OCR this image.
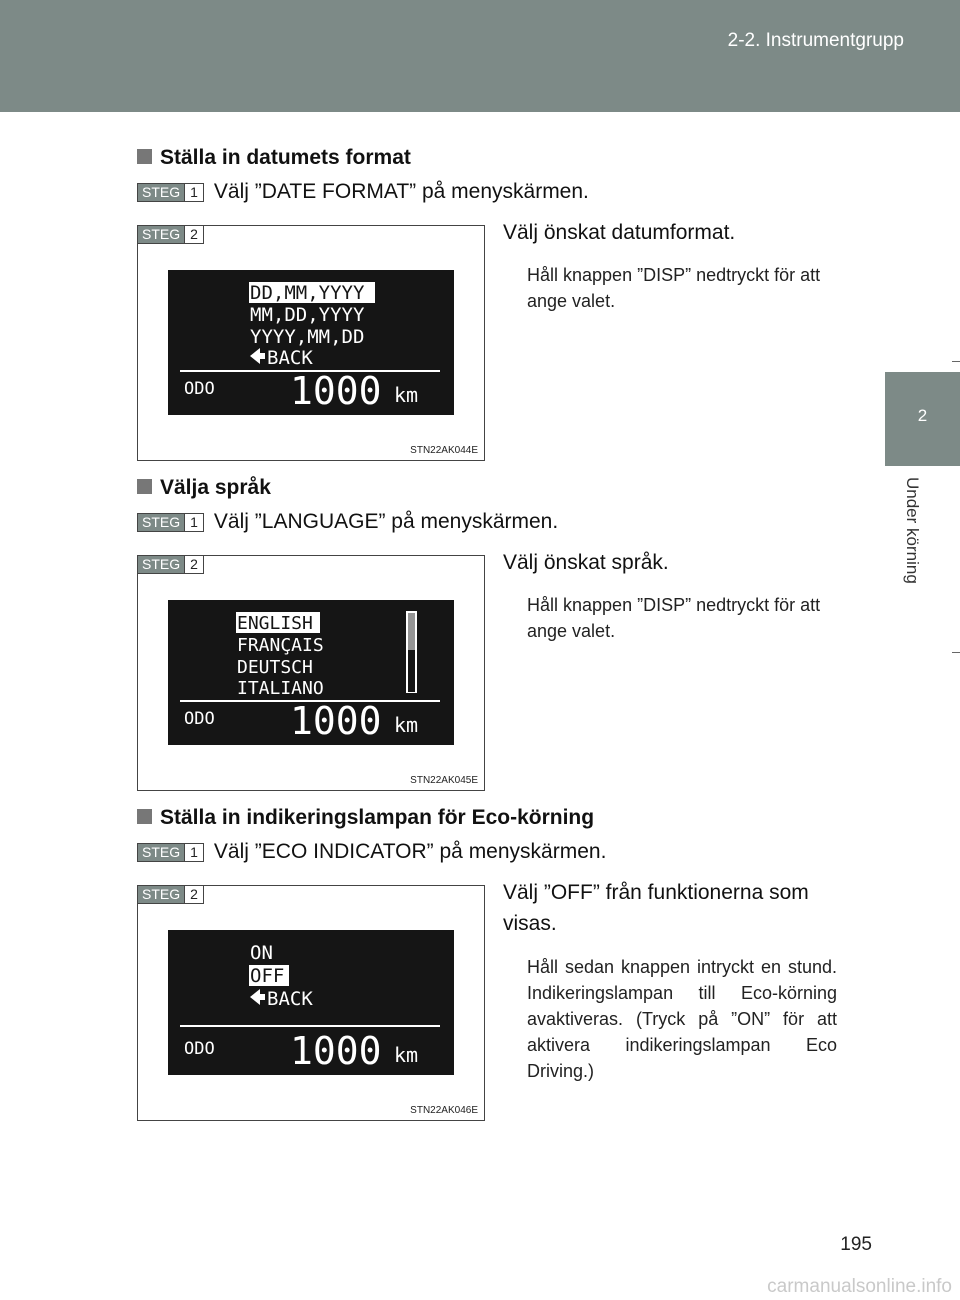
2-2. Instrumentgrupp
2
Under körning
Ställa in datumets format
STEG 1 Välj ”DATE FORMAT” på menyskärmen.
STEG 2
DD,MM,YYYY
MM,DD,YYYY
YYYY,MM,DD
BACK
ODO 1000 km
STN22AK044E
Välj önskat datumformat.
Håll knappen ”DISP” nedtryckt för att ange valet.
Välja språk
STEG 1 Välj ”LANGUAGE” på menyskärmen.
STEG 2
ENGLISH
FRANÇAIS
DEUTSCH
ITALIANO
ODO 1000 km
STN22AK045E
Välj önskat språk.
Håll knappen ”DISP” nedtryckt för att ange valet.
Ställa in indikeringslampan för Eco-körning
STEG 1 Välj ”ECO INDICATOR” på menyskärmen.
STEG 2
ON
OFF
BACK
ODO 1000 km
STN22AK046E
Välj ”OFF” från funktionerna som visas.
Håll sedan knappen intryckt en stund. Indikeringslampan till Eco-körning avaktiveras. (Tryck på ”ON” för att aktivera indikeringslampan Eco Driving.)
195
carmanualsonline.info
